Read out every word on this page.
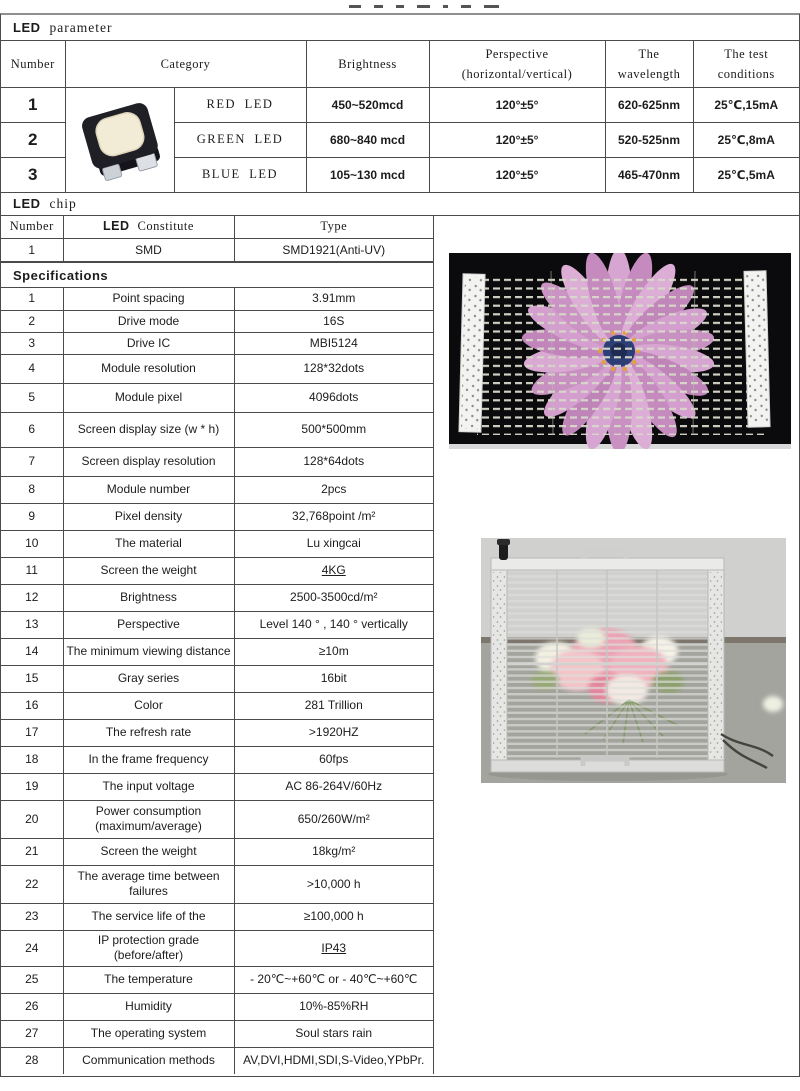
LED parameter
Number	Category		Brightness	Perspective
(horizontal/vertical)	The wavelength	The test conditions
1		RED LED	450~520mcd	120°±5°	620-625nm	25℃,15mA
2		GREEN LED	680~840 mcd	120°±5°	520-525nm	25℃,8mA
3		BLUE LED	105~130 mcd	120°±5°	465-470nm	25℃,5mA
LED chip
Number	LED Constitute	Type
1	SMD	SMD1921(Anti-UV)
Specifications
1	Point spacing	3.91mm
2	Drive mode	16S
3	Drive IC	MBI5124
4	Module resolution	128*32dots
5	Module pixel	4096dots
6	Screen display size (w * h)	500*500mm
7	Screen display resolution	128*64dots
8	Module number	2pcs
9	Pixel density	32,768point /m²
10	The material	Lu xingcai
11	Screen the weight	4KG
12	Brightness	2500-3500cd/m²
13	Perspective	Level 140 ° , 140 ° vertically
14	The minimum viewing distance	≥10m
15	Gray series	16bit
16	Color	281 Trillion
17	The refresh rate	>1920HZ
18	In the frame frequency	60fps
19	The input voltage	AC 86-264V/60Hz
20	Power consumption (maximum/average)	650/260W/m²
21	Screen the weight	18kg/m²
22	The average time between failures	>10,000 h
23	The service life of the	≥100,000 h
24	IP protection grade (before/after)	IP43
25	The temperature	- 20℃~+60℃ or - 40℃~+60℃
26	Humidity	10%-85%RH
27	The operating system	Soul stars rain
28	Communication methods	AV,DVI,HDMI,SDI,S-Video,YPbPr.
